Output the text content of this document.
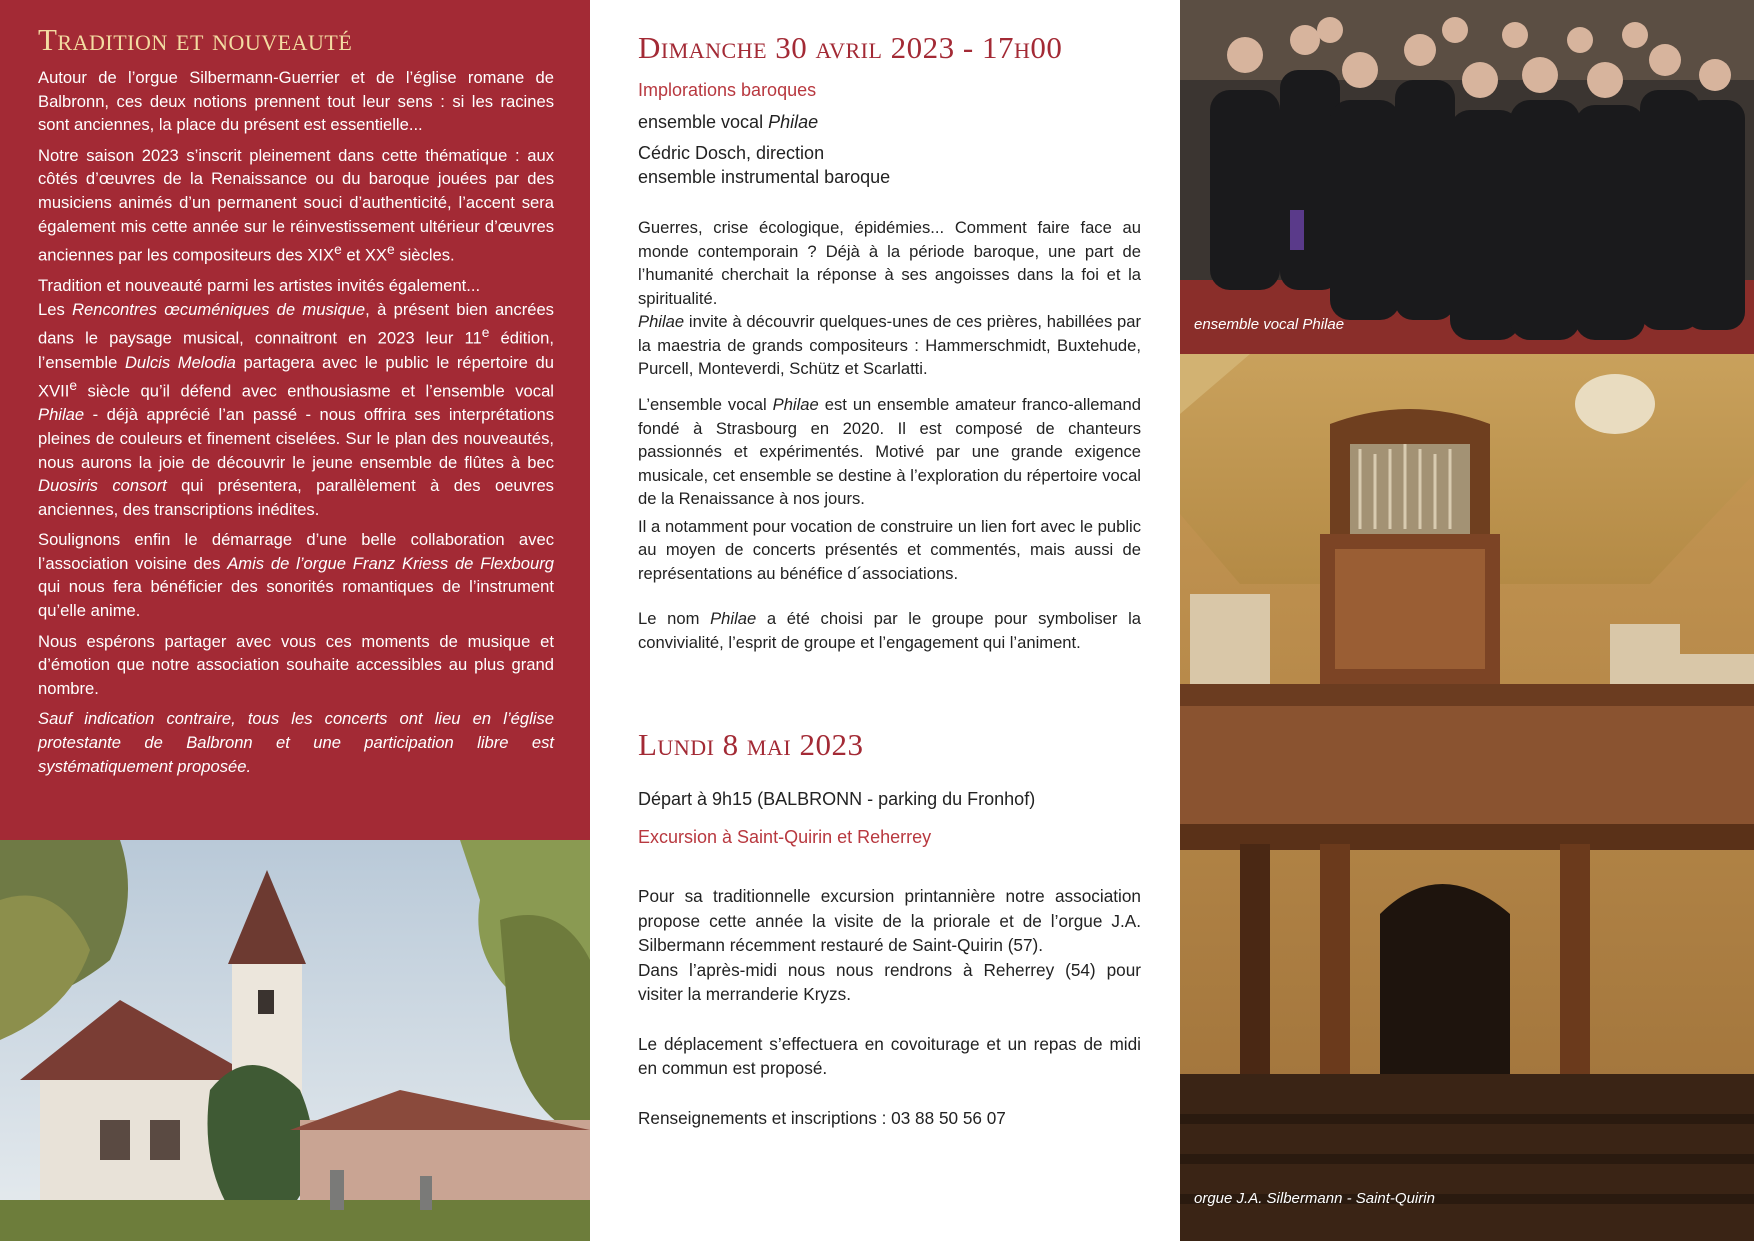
Tradition et nouveauté

Autour de l’orgue Silbermann-Guerrier et de l’église romane de Balbronn, ces deux notions prennent tout leur sens : si les racines sont anciennes, la place du présent est essentielle...

Notre saison 2023 s’inscrit pleinement dans cette thématique : aux côtés d’œuvres de la Renaissance ou du baroque jouées par des musiciens animés d’un permanent souci d’authenticité, l’accent sera également mis cette année sur le réinvestissement ultérieur d’œuvres anciennes par les compositeurs des XIXe et XXe siècles.

Tradition et nouveauté parmi les artistes invités également...
Les Rencontres œcuméniques de musique, à présent bien ancrées dans le paysage musical, connaitront en 2023 leur 11e édition, l’ensemble Dulcis Melodia partagera avec le public le répertoire du XVIIe siècle qu’il défend avec enthousiasme et l’ensemble vocal Philae - déjà apprécié l’an passé - nous offrira ses interprétations pleines de couleurs et finement ciselées. Sur le plan des nouveautés, nous aurons la joie de découvrir le jeune ensemble de flûtes à bec Duosiris consort qui présentera, parallèlement à des oeuvres anciennes, des transcriptions inédites.

Soulignons enfin le démarrage d’une belle collaboration avec l’association voisine des Amis de l’orgue Franz Kriess de Flexbourg qui nous fera bénéficier des sonorités romantiques de l’instrument qu’elle anime.

Nous espérons partager avec vous ces moments de musique et d’émotion que notre association souhaite accessibles au plus grand nombre.

Sauf indication contraire, tous les concerts ont lieu en l’église protestante de Balbronn et une participation libre est systématiquement proposée.

Dimanche 30 avril 2023 - 17h00
Implorations baroques

ensemble vocal Philae

Cédric Dosch, direction

ensemble instrumental baroque

Guerres, crise écologique, épidémies... Comment faire face au monde contemporain ? Déjà à la période baroque, une part de l’humanité cherchait la réponse à ses angoisses dans la foi et la spiritualité.

Philae invite à découvrir quelques-unes de ces prières, habillées par la maestria de grands compositeurs : Hammerschmidt, Buxtehude, Purcell, Monteverdi, Schütz et Scarlatti.

L’ensemble vocal Philae est un ensemble amateur franco-allemand fondé à Strasbourg en 2020. Il est composé de chanteurs passionnés et expérimentés. Motivé par une grande exigence musicale, cet ensemble se destine à l’exploration du répertoire vocal de la Renaissance à nos jours.

Il a notamment pour vocation de construire un lien fort avec le public au moyen de concerts présentés et commentés, mais aussi de représentations au bénéfice d´associations.

Le nom Philae a été choisi par le groupe pour symboliser la convivialité, l’esprit de groupe et l’engagement qui l’animent.

Lundi 8 mai 2023
Départ à 9h15 (BALBRONN - parking du Fronhof)
Excursion à Saint-Quirin et Reherrey

Pour sa traditionnelle excursion printannière notre association propose cette année la visite de la priorale et de l’orgue J.A. Silbermann récemment restauré de Saint-Quirin (57).

Dans l’après-midi nous nous rendrons à Reherrey (54) pour visiter la merranderie Kryzs.

Le déplacement s’effectuera en covoiturage et un repas de midi en commun est proposé.

Renseignements et inscriptions : 03 88 50 56 07

ensemble vocal Philae
orgue J.A. Silbermann - Saint-Quirin
